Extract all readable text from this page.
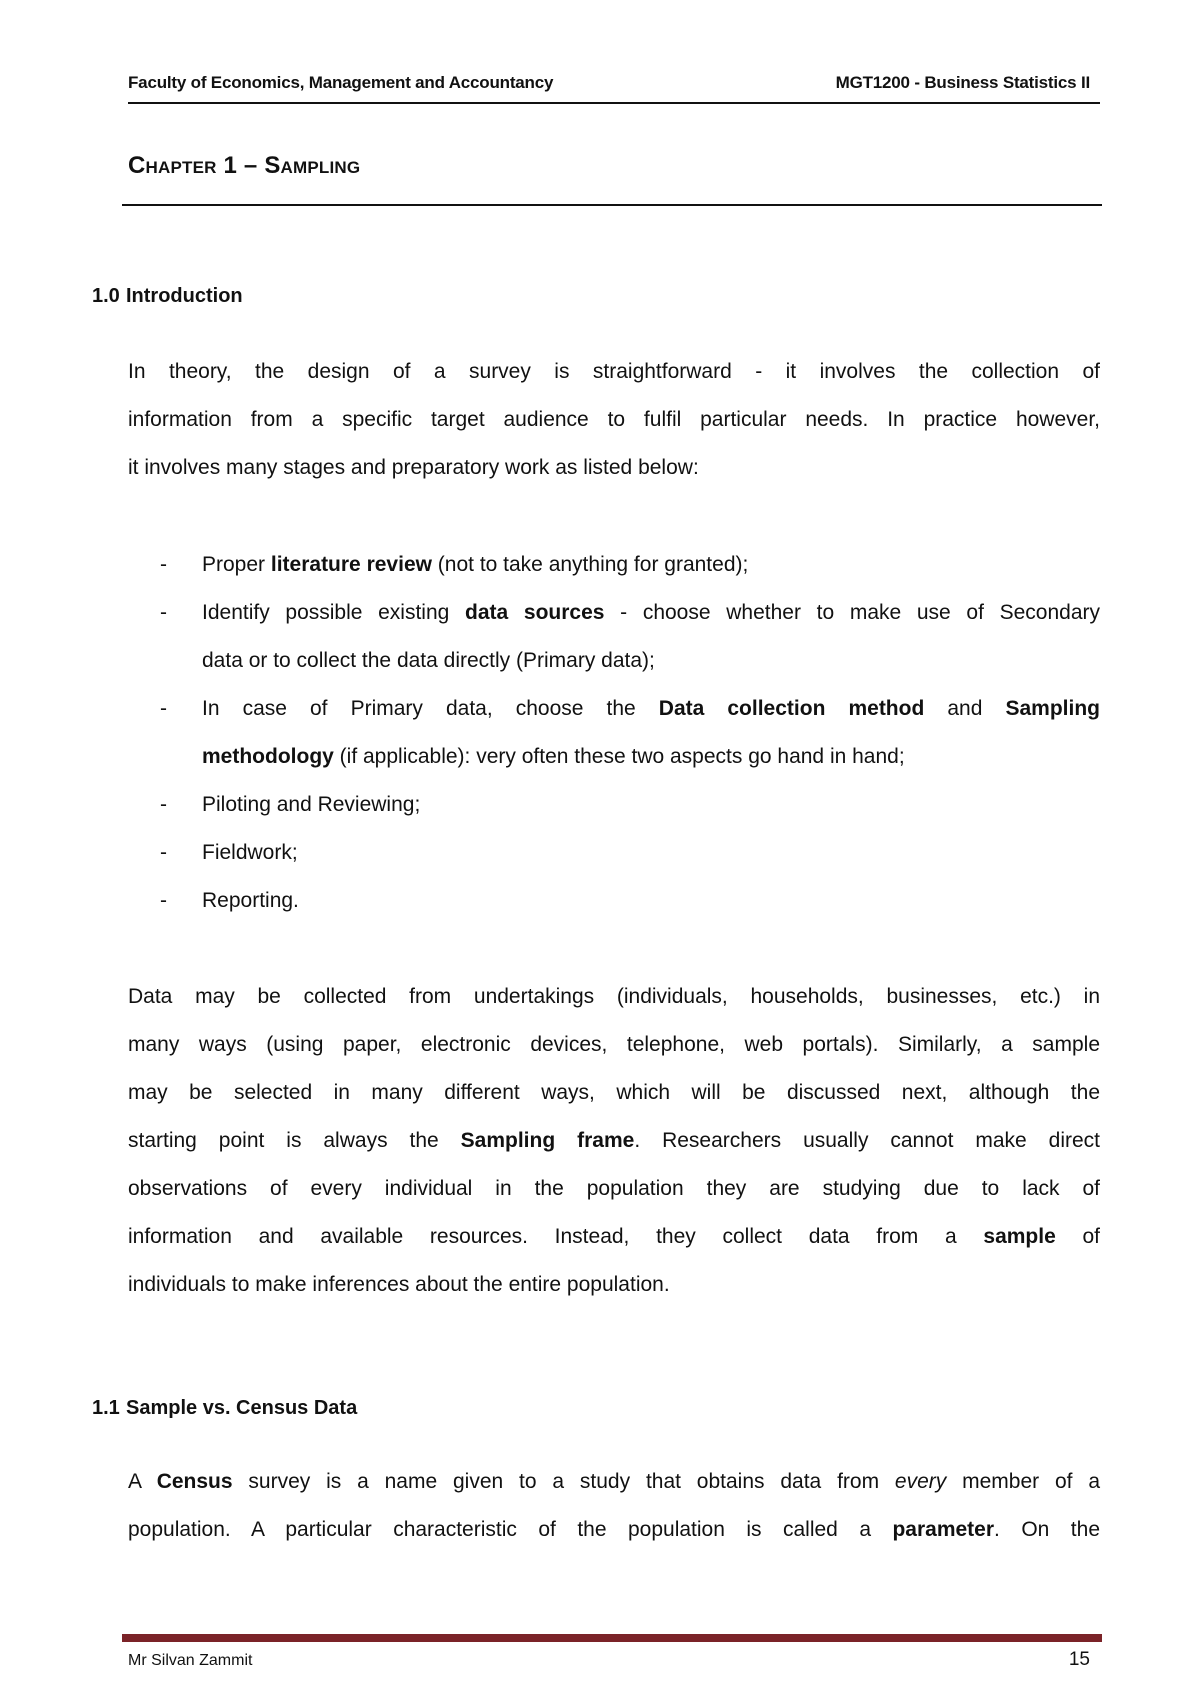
Faculty of Economics, Management and Accountancy	MGT1200 - Business Statistics II
Chapter 1 – Sampling
1.0 Introduction
In theory, the design of a survey is straightforward - it involves the collection of
information from a specific target audience to fulfil particular needs. In practice however,
it involves many stages and preparatory work as listed below:
- Proper literature review (not to take anything for granted);
- Identify possible existing data sources - choose whether to make use of Secondary
data or to collect the data directly (Primary data);
- In case of Primary data, choose the Data collection method and Sampling
methodology (if applicable): very often these two aspects go hand in hand;
- Piloting and Reviewing;
- Fieldwork;
- Reporting.
Data may be collected from undertakings (individuals, households, businesses, etc.) in
many ways (using paper, electronic devices, telephone, web portals). Similarly, a sample
may be selected in many different ways, which will be discussed next, although the
starting point is always the Sampling frame. Researchers usually cannot make direct
observations of every individual in the population they are studying due to lack of
information and available resources. Instead, they collect data from a sample of
individuals to make inferences about the entire population.
1.1 Sample vs. Census Data
A Census survey is a name given to a study that obtains data from every member of a
population. A particular characteristic of the population is called a parameter. On the
Mr Silvan Zammit	15
